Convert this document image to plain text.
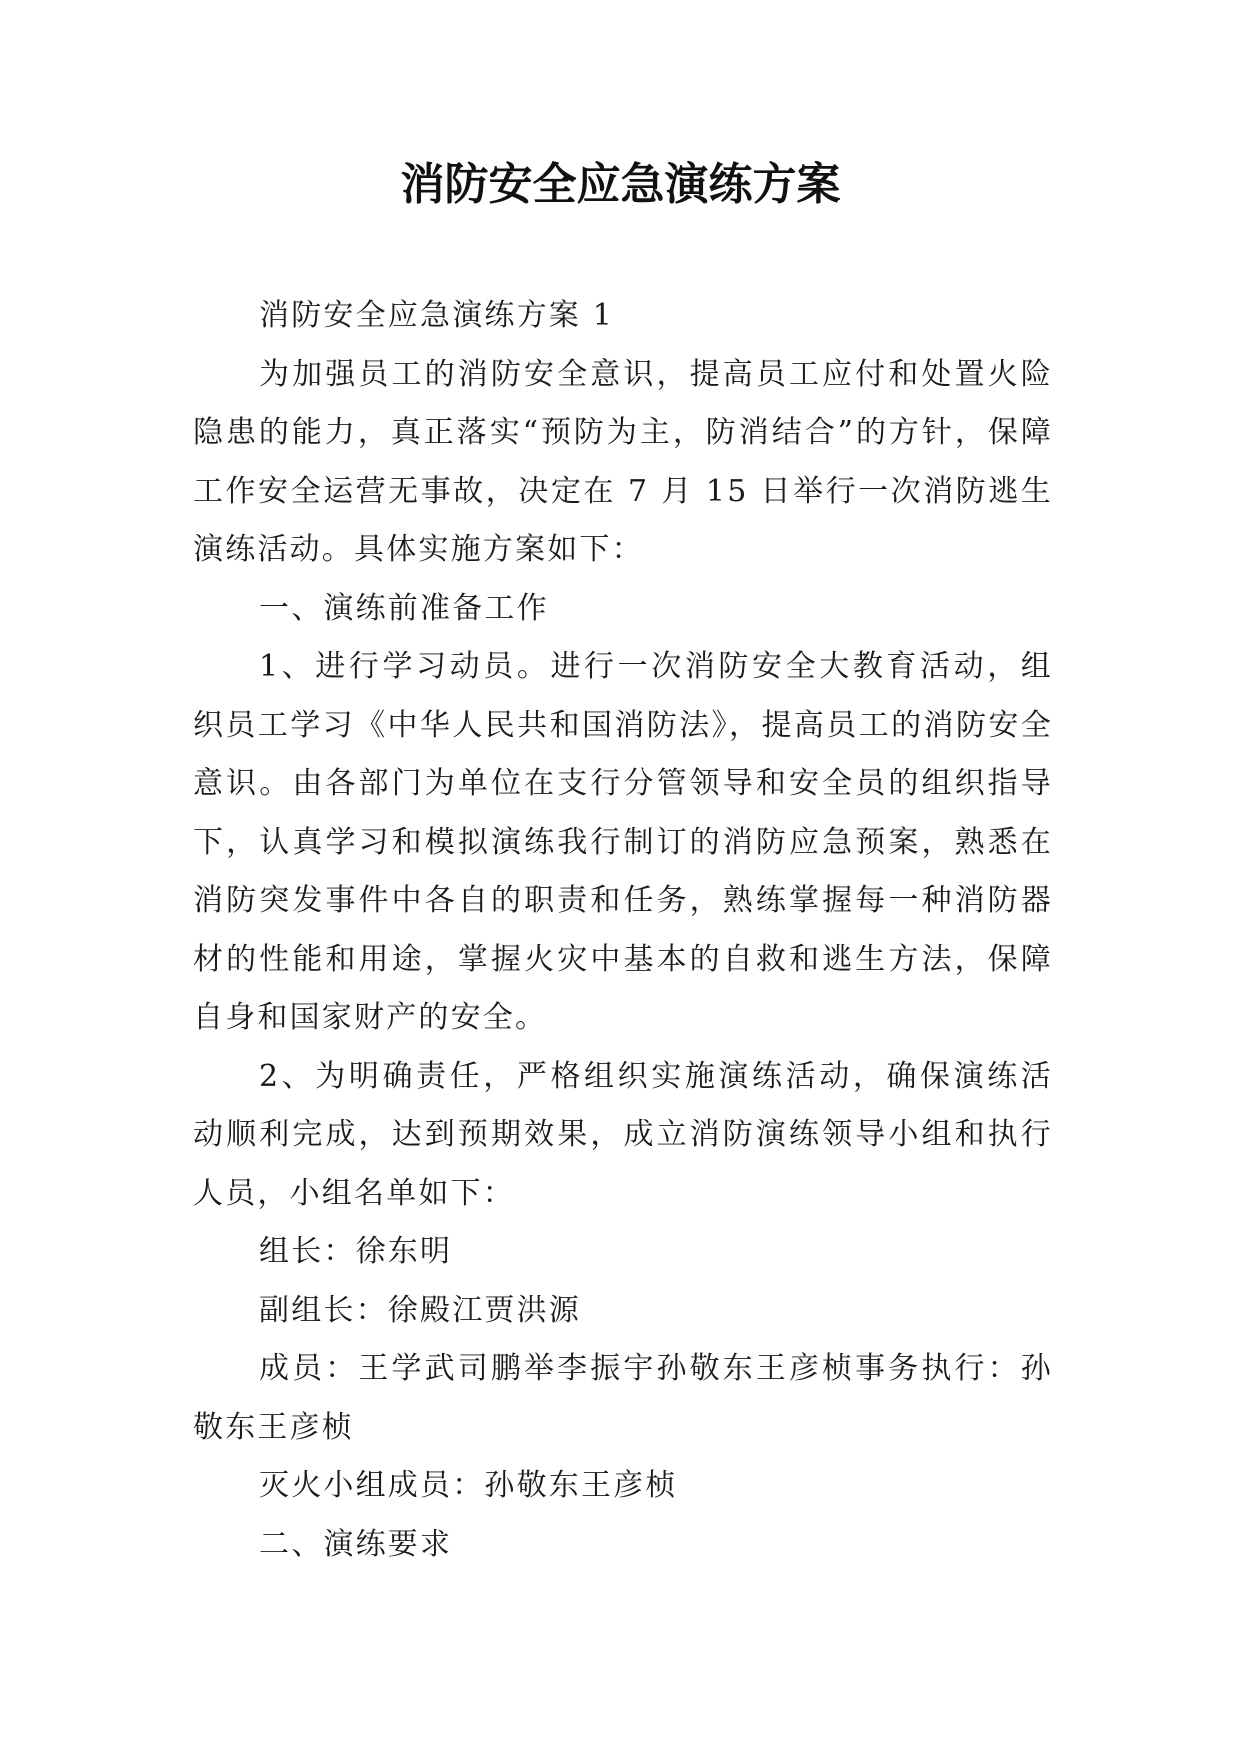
消防安全应急演练方案

消防安全应急演练方案 1

为加强员工的消防安全意识，提高员工应付和处置火险隐患的能力，真正落实“预防为主，防消结合”的方针，保障工作安全运营无事故，决定在 7 月 15 日举行一次消防逃生演练活动。具体实施方案如下：

一、演练前准备工作

1、进行学习动员。进行一次消防安全大教育活动，组织员工学习《中华人民共和国消防法》，提高员工的消防安全意识。由各部门为单位在支行分管领导和安全员的组织指导下，认真学习和模拟演练我行制订的消防应急预案，熟悉在消防突发事件中各自的职责和任务，熟练掌握每一种消防器材的性能和用途，掌握火灾中基本的自救和逃生方法，保障自身和国家财产的安全。

2、为明确责任，严格组织实施演练活动，确保演练活动顺利完成，达到预期效果，成立消防演练领导小组和执行人员，小组名单如下：

组长：徐东明

副组长：徐殿江贾洪源

成员：王学武司鹏举李振宇孙敬东王彦桢事务执行：孙敬东王彦桢

灭火小组成员：孙敬东王彦桢

二、演练要求
